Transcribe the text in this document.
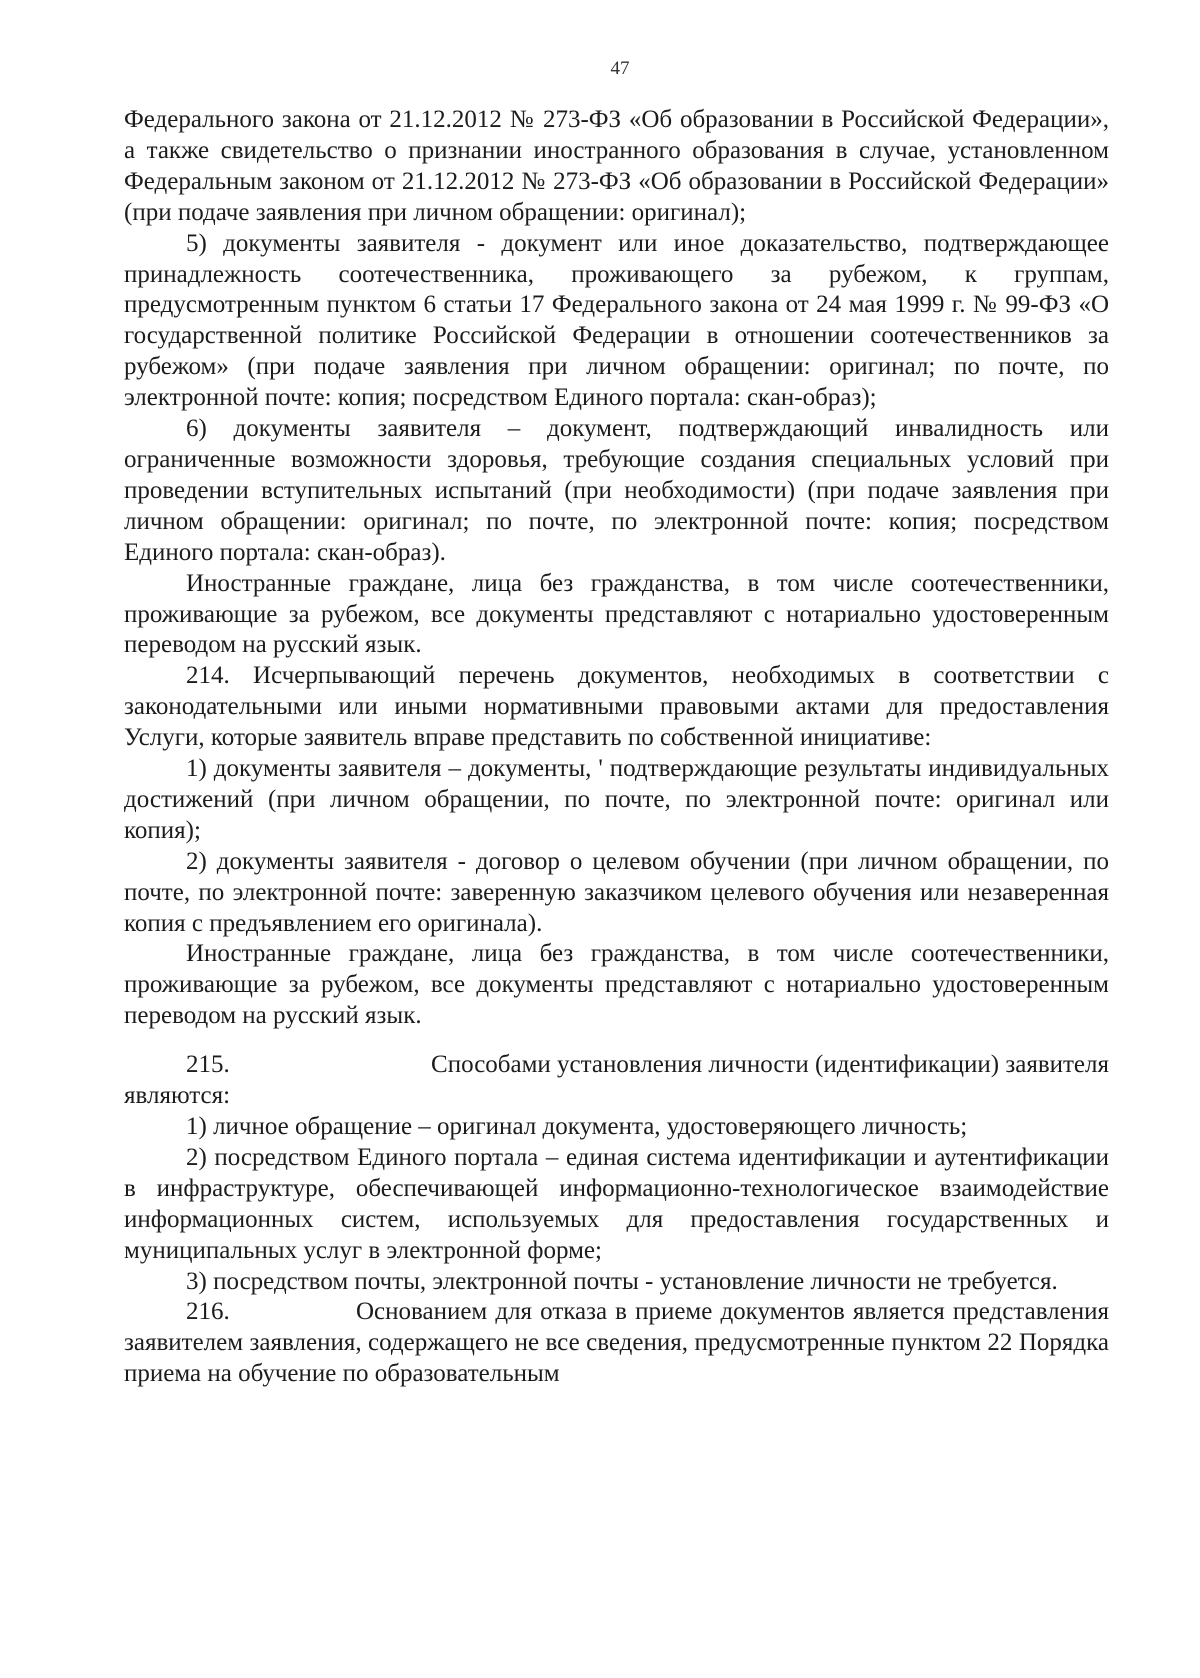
47

Федерального закона от 21.12.2012 № 273-ФЗ «Об образовании в Российской Федерации», а также свидетельство о признании иностранного образования в случае, установленном Федеральным законом от 21.12.2012 № 273-ФЗ «Об образовании в Российской Федерации» (при подаче заявления при личном обращении: оригинал);

5) документы заявителя - документ или иное доказательство, подтверждающее принадлежность соотечественника, проживающего за рубежом, к группам, предусмотренным пунктом 6 статьи 17 Федерального закона от 24 мая 1999 г. № 99-ФЗ «О государственной политике Российской Федерации в отношении соотечественников за рубежом» (при подаче заявления при личном обращении: оригинал; по почте, по электронной почте: копия; посредством Единого портала: скан-образ);

6) документы заявителя – документ, подтверждающий инвалидность или ограниченные возможности здоровья, требующие создания специальных условий при проведении вступительных испытаний (при необходимости) (при подаче заявления при личном обращении: оригинал; по почте, по электронной почте: копия; посредством Единого портала: скан-образ).

Иностранные граждане, лица без гражданства, в том числе соотечественники, проживающие за рубежом, все документы представляют с нотариально удостоверенным переводом на русский язык.

214. Исчерпывающий перечень документов, необходимых в соответствии с законодательными или иными нормативными правовыми актами для предоставления Услуги, которые заявитель вправе представить по собственной инициативе:

1) документы заявителя – документы, ' подтверждающие результаты индивидуальных достижений (при личном обращении, по почте, по электронной почте: оригинал или копия);

2) документы заявителя - договор о целевом обучении (при личном обращении, по почте, по электронной почте: заверенную заказчиком целевого обучения или незаверенная копия с предъявлением его оригинала).

Иностранные граждане, лица без гражданства, в том числе соотечественники, проживающие за рубежом, все документы представляют с нотариально удостоверенным переводом на русский язык.

215.	Способами установления личности (идентификации) заявителя
являются:

1) личное обращение – оригинал документа, удостоверяющего личность;

2) посредством Единого портала – единая система идентификации и аутентификации в инфраструктуре, обеспечивающей информационно-технологическое взаимодействие информационных систем, используемых для предоставления государственных и муниципальных услуг в электронной форме;

3) посредством почты, электронной почты - установление личности не требуется.

216.	Основанием для отказа в приеме документов является представления заявителем заявления, содержащего не все сведения, предусмотренные пунктом 22 Порядка приема на обучение по образовательным
